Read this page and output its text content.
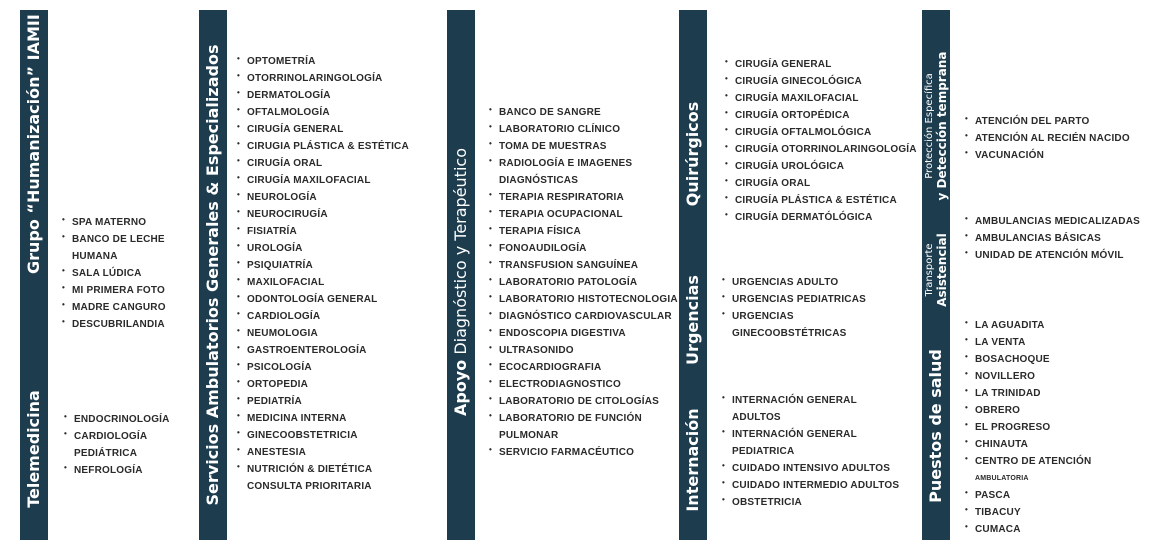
Grupo “Humanización” IAMII
Telemedicina
• SPA MATERNO
• BANCO DE LECHE
HUMANA
• SALA LÚDICA
• MI PRIMERA FOTO
• MADRE CANGURO
• DESCUBRILANDIA
• ENDOCRINOLOGÍA
• CARDIOLOGÍA
PEDIÁTRICA
• NEFROLOGÍA	Servicios Ambulatorios Generales & Especializados
•	OPTOMETRÍA
• OTORRINOLARINGOLOGÍA
• DERMATOLOGÍA
• OFTALMOLOGÍA
• CIRUGÍA GENERAL
• CIRUGIA PLÁSTICA & ESTÉTICA
• CIRUGÍA ORAL
• CIRUGÍA MAXILOFACIAL
• NEUROLOGÍA
• NEUROCIRUGÍA
• FISIATRÍA
• UROLOGÍA
• PSIQUIATRÍA
• MAXILOFACIAL
• ODONTOLOGÍA GENERAL
• CARDIOLOGÍA
• NEUMOLOGIA
• GASTROENTEROLOGÍA
• PSICOLOGÍA
• ORTOPEDIA
• PEDIATRÍA
• MEDICINA INTERNA
• GINECOOBSTETRICIA
• ANESTESIA
• NUTRICIÓN & DIETÉTICA
CONSULTA PRIORITARIA
Apoyo Diagnóstico y Terapéutico
• BANCO DE SANGRE
• LABORATORIO CLÍNICO
• TOMA DE MUESTRAS
• RADIOLOGÍA E IMAGENES
DIAGNÓSTICAS
• TERAPIA RESPIRATORIA
• TERAPIA OCUPACIONAL
• TERAPIA FÍSICA
• FONOAUDILOGÍA
• TRANSFUSION SANGUÍNEA
• LABORATORIO PATOLOGÍA
• LABORATORIO HISTOTECNOLOGIA
• DIAGNÓSTICO CARDIOVASCULAR
• ENDOSCOPIA DIGESTIVA
• ULTRASONIDO
• ECOCARDIOGRAFIA
• ELECTRODIAGNOSTICO
• LABORATORIO DE CITOLOGÍAS
• LABORATORIO DE FUNCIÓN
PULMONAR
• SERVICIO FARMACÉUTICO
Quirúrgicos
Urgencias
Internación
• CIRUGÍA GENERAL
• CIRUGÍA GINECOLÓGICA
• CIRUGÍA MAXILOFACIAL
• CIRUGÍA ORTOPÉDICA
• CIRUGÍA OFTALMOLÓGICA
• CIRUGÍA OTORRINOLARINGOLOGÍA
• CIRUGÍA UROLÓGICA
• CIRUGÍA ORAL
• CIRUGÍA PLÁSTICA & ESTÉTICA
• CIRUGÍA DERMATÓLÓGICA
• URGENCIAS ADULTO
• URGENCIAS PEDIATRICAS
• URGENCIAS
GINECOOBSTÉTRICAS
• INTERNACIÓN GENERAL
ADULTOS
• INTERNACIÓN GENERAL
PEDIATRICA
• CUIDADO INTENSIVO ADULTOS
• CUIDADO INTERMEDIO ADULTOS
• OBSTETRICIA
Protección Específica y Detección temprana
Transporte Asistencial
Puestos de salud
• ATENCIÓN DEL PARTO
• ATENCIÓN AL RECIÉN NACIDO
• VACUNACIÓN
• AMBULANCIAS MEDICALIZADAS
• AMBULANCIAS BÁSICAS
• UNIDAD DE ATENCIÓN MÓVIL
• LA AGUADITA
• LA VENTA
• BOSACHOQUE
• NOVILLERO
• LA TRINIDAD
• OBRERO
• EL PROGRESO
• CHINAUTA
• CENTRO DE ATENCIÓN
AMBULATORIA
• PASCA
• TIBACUY
• CUMACA
